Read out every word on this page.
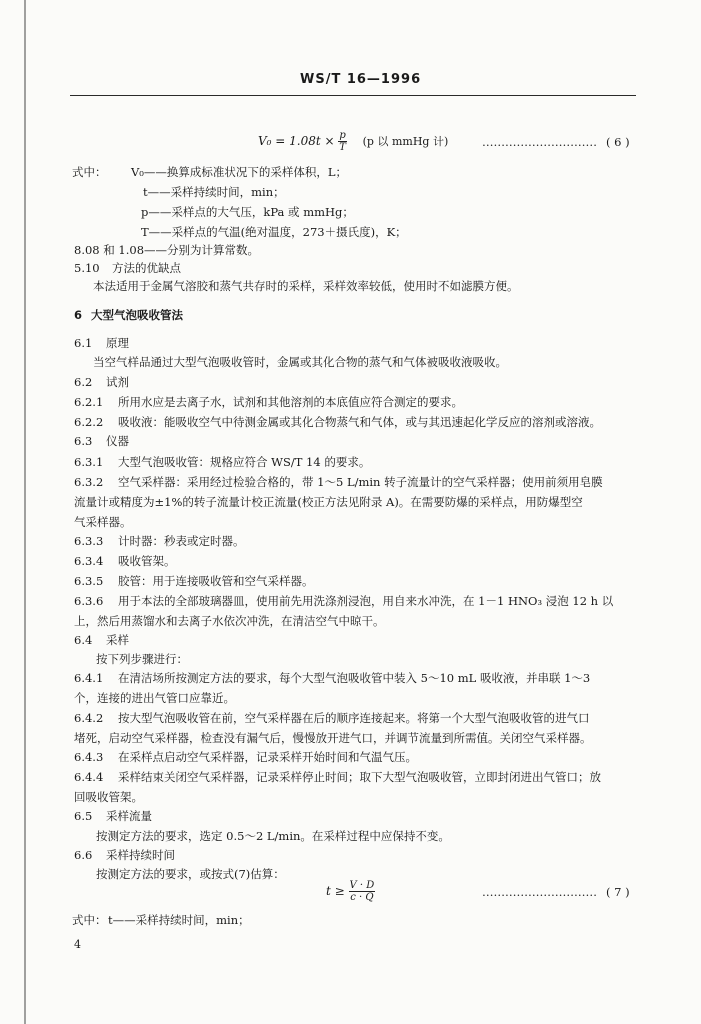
WS/T 16—1996
$V_0 = 1.08t \times \frac{p}{T} (p$ 以 mmHg 计)	………………………… ( 6 )
式中： V₀——换算成标准状况下的采样体积，L；
t——采样持续时间，min；
p——采样点的大气压，kPa 或 mmHg；
T——采样点的气温(绝对温度，273＋摄氏度)，K；
8.08 和 1.08——分别为计算常数。
5.10 方法的优缺点
本法适用于金属气溶胶和蒸气共存时的采样，采样效率较低，使用时不如滤膜方便。
6 大型气泡吸收管法
6.1 原理
当空气样品通过大型气泡吸收管时，金属或其化合物的蒸气和气体被吸收液吸收。
6.2 试剂
6.2.1 所用水应是去离子水，试剂和其他溶剂的本底值应符合测定的要求。
6.2.2 吸收液：能吸收空气中待测金属或其化合物蒸气和气体，或与其迅速起化学反应的溶剂或溶液。
6.3 仪器
6.3.1 大型气泡吸收管：规格应符合 WS/T 14 的要求。
6.3.2 空气采样器：采用经过检验合格的，带 1～5 L/min 转子流量计的空气采样器；使用前须用皂膜
流量计或精度为±1%的转子流量计校正流量(校正方法见附录 A)。在需要防爆的采样点，用防爆型空
气采样器。
6.3.3 计时器：秒表或定时器。
6.3.4 吸收管架。
6.3.5 胶管：用于连接吸收管和空气采样器。
6.3.6 用于本法的全部玻璃器皿，使用前先用洗涤剂浸泡，用自来水冲洗，在 1－1 HNO₃ 浸泡 12 h 以
上，然后用蒸馏水和去离子水依次冲洗，在清洁空气中晾干。
6.4 采样
按下列步骤进行：
6.4.1 在清洁场所按测定方法的要求，每个大型气泡吸收管中装入 5～10 mL 吸收液，并串联 1～3
个，连接的进出气管口应靠近。
6.4.2 按大型气泡吸收管在前，空气采样器在后的顺序连接起来。将第一个大型气泡吸收管的进气口
堵死，启动空气采样器，检查没有漏气后，慢慢放开进气口，并调节流量到所需值。关闭空气采样器。
6.4.3 在采样点启动空气采样器，记录采样开始时间和气温气压。
6.4.4 采样结束关闭空气采样器，记录采样停止时间；取下大型气泡吸收管，立即封闭进出气管口；放
回吸收管架。
6.5 采样流量
按测定方法的要求，选定 0.5～2 L/min。在采样过程中应保持不变。
6.6 采样持续时间
按测定方法的要求，或按式(7)估算：
$t \ge \frac{V \cdot D}{c \cdot Q}$	………………………… ( 7 )
式中： t——采样持续时间，min；
4
